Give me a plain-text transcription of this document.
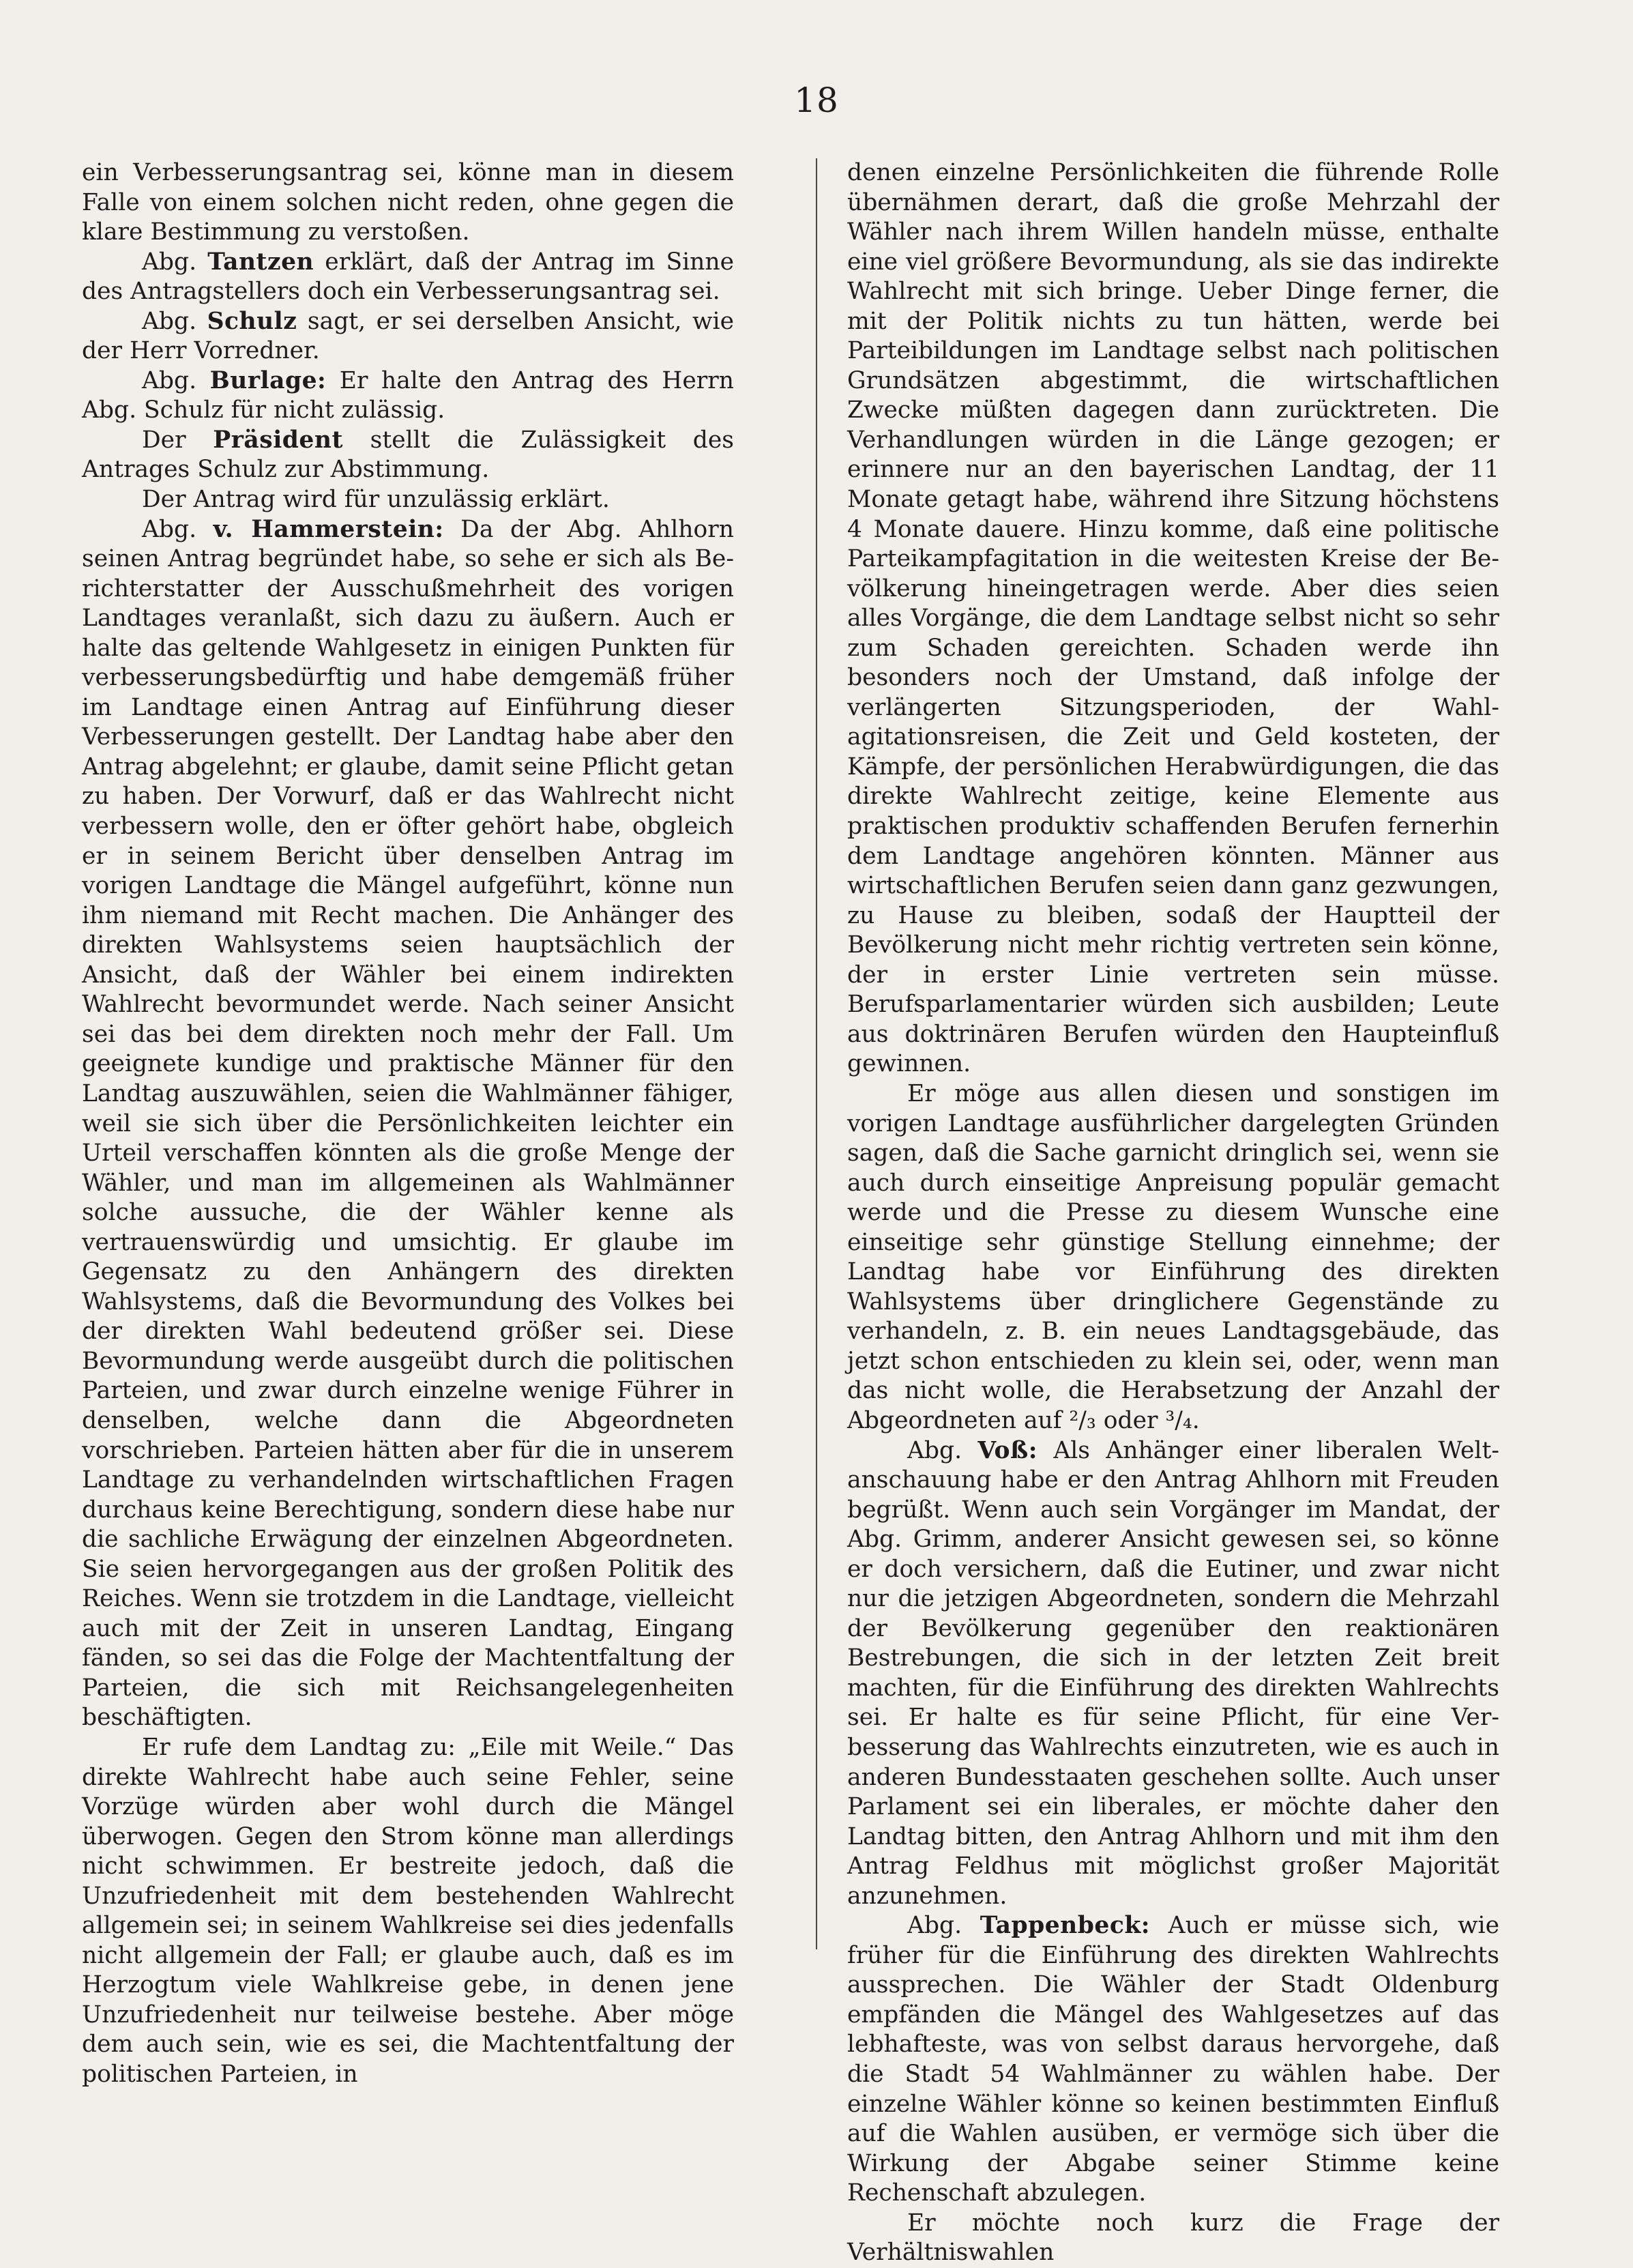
18

ein Verbesserungsantrag sei, könne man in diesem Falle von einem solchen nicht reden, ohne gegen die klare Bestimmung zu verstoßen.

Abg. Tantzen erklärt, daß der Antrag im Sinne des Antragstellers doch ein Verbesserungsantrag sei.

Abg. Schulz sagt, er sei derselben Ansicht, wie der Herr Vorredner.

Abg. Burlage: Er halte den Antrag des Herrn Abg. Schulz für nicht zulässig.

Der Präsident stellt die Zulässigkeit des Antrages Schulz zur Abstimmung.

Der Antrag wird für unzulässig erklärt.

Abg. v. Hammerstein: Da der Abg. Ahlhorn seinen Antrag begründet habe, so sehe er sich als Berichterstatter der Ausschußmehrheit des vorigen Landtages veranlaßt, sich dazu zu äußern. Auch er halte das geltende Wahlgesetz in einigen Punkten für verbesserungsbedürftig und habe demgemäß früher im Landtage einen Antrag auf Einführung dieser Verbesserungen gestellt. Der Landtag habe aber den Antrag abgelehnt; er glaube, damit seine Pflicht getan zu haben. Der Vorwurf, daß er das Wahlrecht nicht verbessern wolle, den er öfter gehört habe, obgleich er in seinem Bericht über denselben Antrag im vorigen Landtage die Mängel aufgeführt, könne nun ihm niemand mit Recht machen. Die Anhänger des direkten Wahlsystems seien hauptsächlich der Ansicht, daß der Wähler bei einem indirekten Wahlrecht bevormundet werde. Nach seiner Ansicht sei das bei dem direkten noch mehr der Fall. Um geeignete kundige und praktische Männer für den Landtag auszuwählen, seien die Wahlmänner fähiger, weil sie sich über die Persönlichkeiten leichter ein Urteil verschaffen könnten als die große Menge der Wähler, und man im allgemeinen als Wahlmänner solche aussuche, die der Wähler kenne als vertrauenswürdig und umsichtig. Er glaube im Gegensatz zu den Anhängern des direkten Wahlsystems, daß die Bevormundung des Volkes bei der direkten Wahl bedeutend größer sei. Diese Bevormundung werde ausgeübt durch die politischen Parteien, und zwar durch einzelne wenige Führer in denselben, welche dann die Abgeordneten vorschrieben. Parteien hätten aber für die in unserem Landtage zu verhandelnden wirtschaftlichen Fragen durchaus keine Berechtigung, sondern diese habe nur die sachliche Erwägung der einzelnen Abgeordneten. Sie seien hervorgegangen aus der großen Politik des Reiches. Wenn sie trotzdem in die Landtage, vielleicht auch mit der Zeit in unseren Landtag, Eingang fänden, so sei das die Folge der Machtentfaltung der Parteien, die sich mit Reichsangelegenheiten beschäftigten.

Er rufe dem Landtag zu: „Eile mit Weile.“ Das direkte Wahlrecht habe auch seine Fehler, seine Vorzüge würden aber wohl durch die Mängel überwogen. Gegen den Strom könne man allerdings nicht schwimmen. Er bestreite jedoch, daß die Unzufriedenheit mit dem bestehenden Wahlrecht allgemein sei; in seinem Wahlkreise sei dies jedenfalls nicht allgemein der Fall; er glaube auch, daß es im Herzogtum viele Wahlkreise gebe, in denen jene Unzufriedenheit nur teilweise bestehe. Aber möge dem auch sein, wie es sei, die Machtentfaltung der politischen Parteien, in

denen einzelne Persönlichkeiten die führende Rolle übernähmen derart, daß die große Mehrzahl der Wähler nach ihrem Willen handeln müsse, enthalte eine viel größere Bevormundung, als sie das indirekte Wahlrecht mit sich bringe. Ueber Dinge ferner, die mit der Politik nichts zu tun hätten, werde bei Parteibildungen im Landtage selbst nach politischen Grundsätzen abgestimmt, die wirtschaftlichen Zwecke müßten dagegen dann zurücktreten. Die Verhandlungen würden in die Länge gezogen; er erinnere nur an den bayerischen Landtag, der 11 Monate getagt habe, während ihre Sitzung höchstens 4 Monate dauere. Hinzu komme, daß eine politische Parteikampfagitation in die weitesten Kreise der Bevölkerung hineingetragen werde. Aber dies seien alles Vorgänge, die dem Landtage selbst nicht so sehr zum Schaden gereichten. Schaden werde ihn besonders noch der Umstand, daß infolge der verlängerten Sitzungsperioden, der Wahlagitationsreisen, die Zeit und Geld kosteten, der Kämpfe, der persönlichen Herabwürdigungen, die das direkte Wahlrecht zeitige, keine Elemente aus praktischen produktiv schaffenden Berufen fernerhin dem Landtage angehören könnten. Männer aus wirtschaftlichen Berufen seien dann ganz gezwungen, zu Hause zu bleiben, sodaß der Hauptteil der Bevölkerung nicht mehr richtig vertreten sein könne, der in erster Linie vertreten sein müsse. Berufsparlamentarier würden sich ausbilden; Leute aus doktrinären Berufen würden den Haupteinfluß gewinnen.

Er möge aus allen diesen und sonstigen im vorigen Landtage ausführlicher dargelegten Gründen sagen, daß die Sache garnicht dringlich sei, wenn sie auch durch einseitige Anpreisung populär gemacht werde und die Presse zu diesem Wunsche eine einseitige sehr günstige Stellung einnehme; der Landtag habe vor Einführung des direkten Wahlsystems über dringlichere Gegenstände zu verhandeln, z. B. ein neues Landtagsgebäude, das jetzt schon entschieden zu klein sei, oder, wenn man das nicht wolle, die Herabsetzung der Anzahl der Abgeordneten auf ²/₃ oder ³/₄.

Abg. Voß: Als Anhänger einer liberalen Weltanschauung habe er den Antrag Ahlhorn mit Freuden begrüßt. Wenn auch sein Vorgänger im Mandat, der Abg. Grimm, anderer Ansicht gewesen sei, so könne er doch versichern, daß die Eutiner, und zwar nicht nur die jetzigen Abgeordneten, sondern die Mehrzahl der Bevölkerung gegenüber den reaktionären Bestrebungen, die sich in der letzten Zeit breit machten, für die Einführung des direkten Wahlrechts sei. Er halte es für seine Pflicht, für eine Verbesserung das Wahlrechts einzutreten, wie es auch in anderen Bundesstaaten geschehen sollte. Auch unser Parlament sei ein liberales, er möchte daher den Landtag bitten, den Antrag Ahlhorn und mit ihm den Antrag Feldhus mit möglichst großer Majorität anzunehmen.

Abg. Tappenbeck: Auch er müsse sich, wie früher für die Einführung des direkten Wahlrechts aussprechen. Die Wähler der Stadt Oldenburg empfänden die Mängel des Wahlgesetzes auf das lebhafteste, was von selbst daraus hervorgehe, daß die Stadt 54 Wahlmänner zu wählen habe. Der einzelne Wähler könne so keinen bestimmten Einfluß auf die Wahlen ausüben, er vermöge sich über die Wirkung der Abgabe seiner Stimme keine Rechenschaft abzulegen.

Er möchte noch kurz die Frage der Verhältniswahlen
